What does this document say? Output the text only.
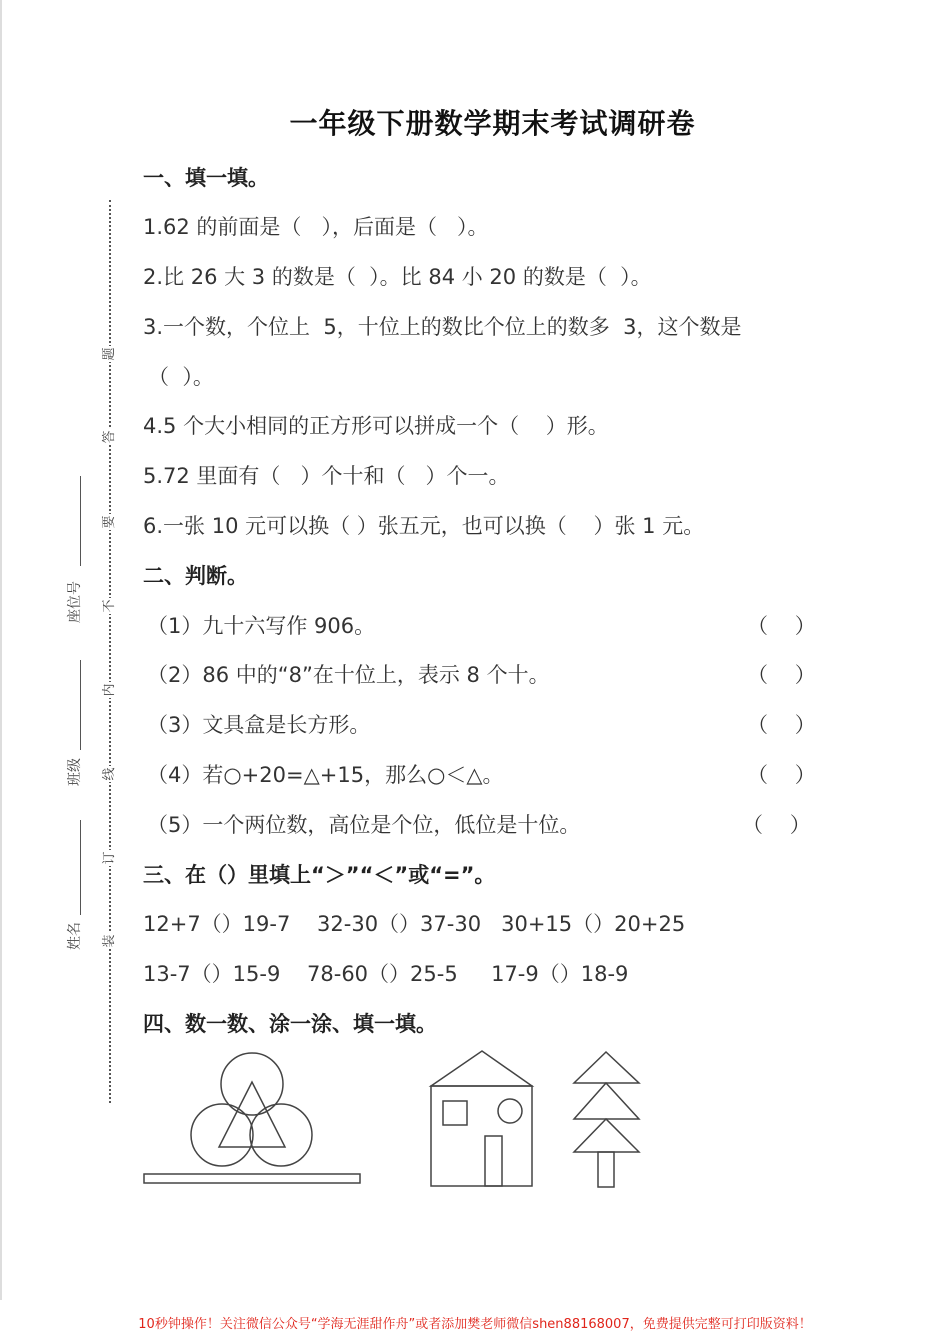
一年级下册数学期末考试调研卷
题
答
要
不
内
线
订
装
座位号
班级
姓名
一、填一填。
1.62 的前面是（   ），后面是（   ）。
2.比 26 大 3 的数是（  ）。比 84 小 20 的数是（  ）。
3.一个数，个位上  5，十位上的数比个位上的数多  3，这个数是
（  ）。
4.5 个大小相同的正方形可以拼成一个（    ）形。
5.72 里面有（   ）个十和（   ）个一。
6.一张 10 元可以换（ ）张五元，也可以换（    ）张 1 元。
二、判断。
（1）九十六写作 906。	（    ）
（2）86 中的“8”在十位上，表示 8 个十。	（    ）
（3）文具盒是长方形。	（    ）
（4）若○+20=△+15，那么○＜△。	（    ）
（5）一个两位数，高位是个位，低位是十位。	（    ）
三、在（）里填上“＞”“＜”或“=”。
12+7（）19-7    32-30（）37-30   30+15（）20+25
13-7（）15-9    78-60（）25-5     17-9（）18-9
四、数一数、涂一涂、填一填。
10秒钟操作！关注微信公众号“学海无涯甜作舟”或者添加樊老师微信shen88168007，免费提供完整可打印版资料！
